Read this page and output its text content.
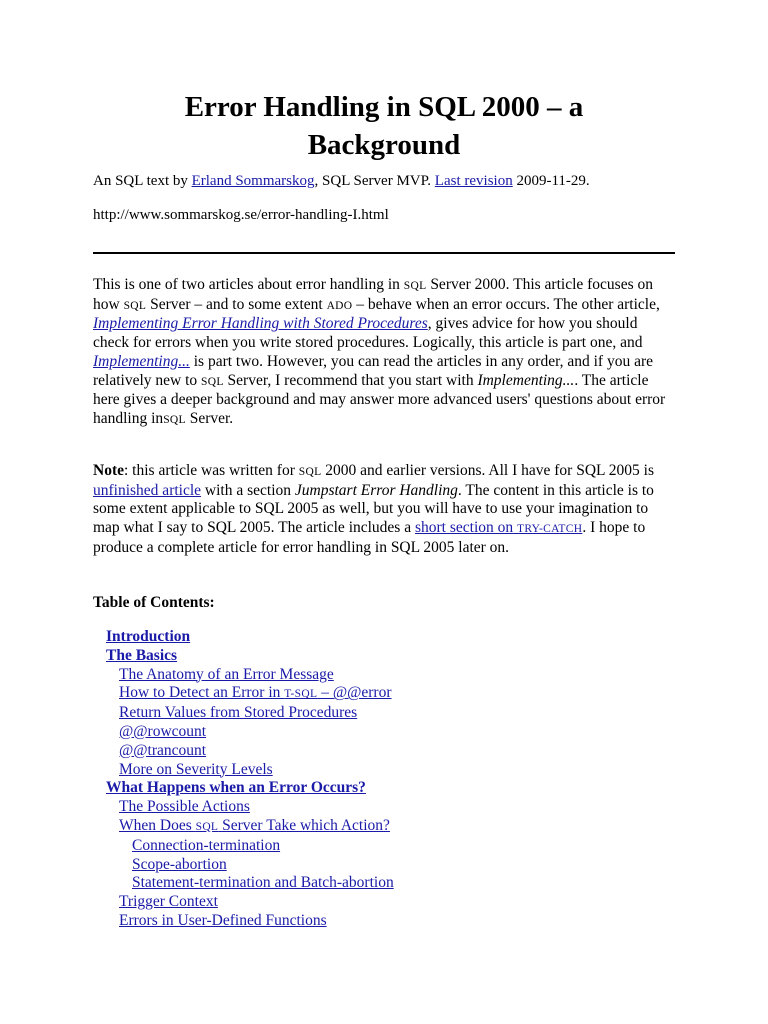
Error Handling in SQL 2000 – a
Background
An SQL text by Erland Sommarskog, SQL Server MVP. Last revision 2009-11-29.
http://www.sommarskog.se/error-handling-I.html

This is one of two articles about error handling in SQL Server 2000. This article focuses on how SQL Server – and to some extent ADO – behave when an error occurs. The other article, Implementing Error Handling with Stored Procedures, gives advice for how you should check for errors when you write stored procedures. Logically, this article is part one, and Implementing... is part two. However, you can read the articles in any order, and if you are relatively new to SQL Server, I recommend that you start with Implementing.... The article here gives a deeper background and may answer more advanced users' questions about error handling inSQL Server.

Note: this article was written for SQL 2000 and earlier versions. All I have for SQL 2005 is unfinished article with a section Jumpstart Error Handling. The content in this article is to some extent applicable to SQL 2005 as well, but you will have to use your imagination to map what I say to SQL 2005. The article includes a short section on TRY-CATCH. I hope to produce a complete article for error handling in SQL 2005 later on.

Table of Contents:
Introduction
The Basics
The Anatomy of an Error Message
How to Detect an Error in T-SQL – @@error
Return Values from Stored Procedures
@@rowcount
@@trancount
More on Severity Levels
What Happens when an Error Occurs?
The Possible Actions
When Does SQL Server Take which Action?
Connection-termination
Scope-abortion
Statement-termination and Batch-abortion
Trigger Context
Errors in User-Defined Functions
